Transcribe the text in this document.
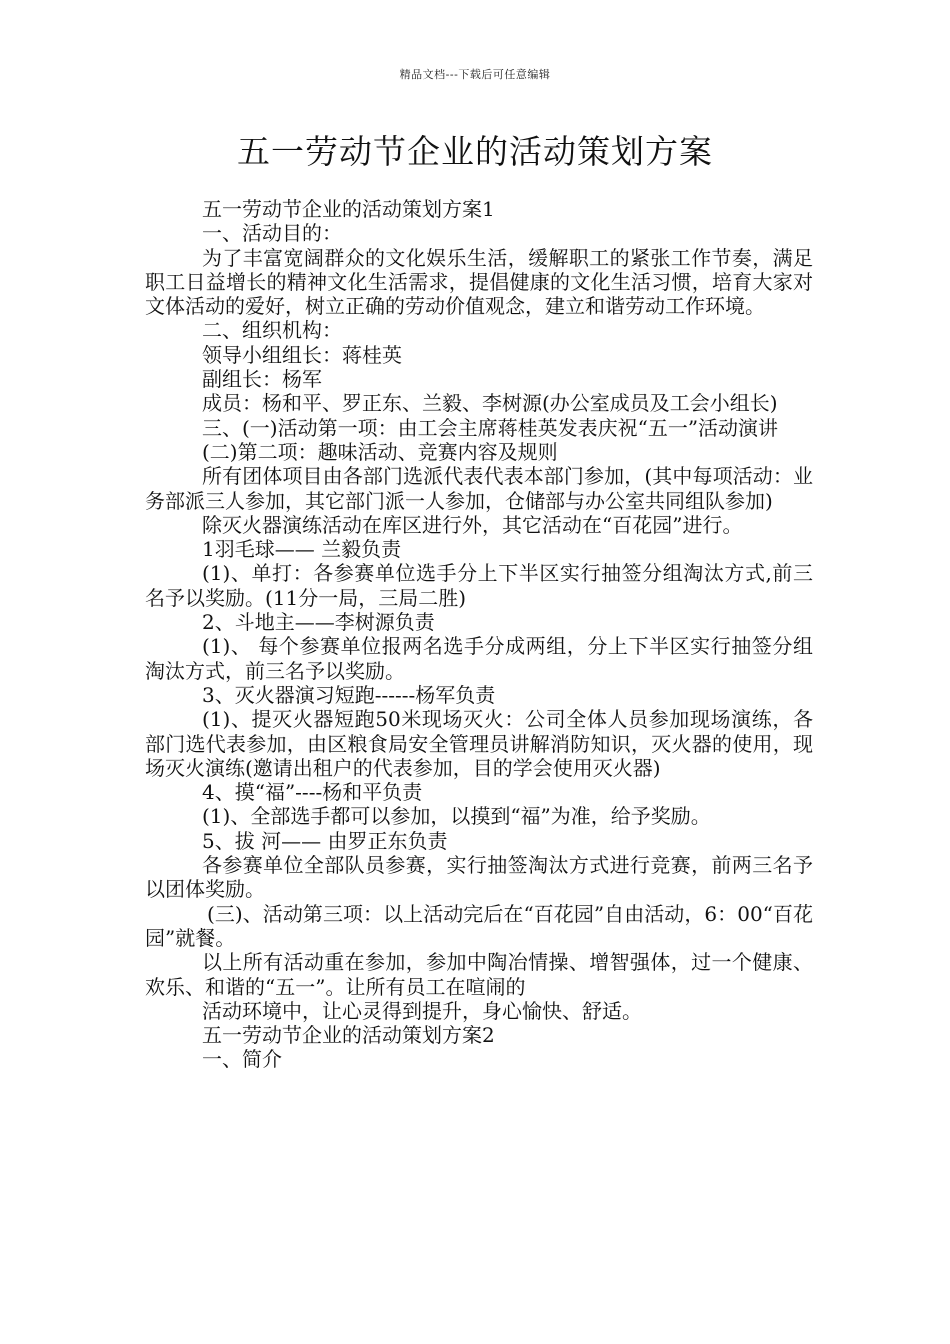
精品文档---下载后可任意编辑
五一劳动节企业的活动策划方案

五一劳动节企业的活动策划方案1

一、活动目的：

为了丰富宽阔群众的文化娱乐生活，缓解职工的紧张工作节奏，满足职工日益增长的精神文化生活需求，提倡健康的文化生活习惯，培育大家对文体活动的爱好，树立正确的劳动价值观念，建立和谐劳动工作环境。

二、组织机构：

领导小组组长：蒋桂英

副组长：杨军

成员：杨和平、罗正东、兰毅、李树源(办公室成员及工会小组长)

三、(一)活动第一项：由工会主席蒋桂英发表庆祝“五一”活动演讲

(二)第二项：趣味活动、竞赛内容及规则

所有团体项目由各部门选派代表代表本部门参加，(其中每项活动：业务部派三人参加，其它部门派一人参加，仓储部与办公室共同组队参加)

除灭火器演练活动在库区进行外，其它活动在“百花园”进行。

1羽毛球—— 兰毅负责

(1)、单打：各参赛单位选手分上下半区实行抽签分组淘汰方式,前三名予以奖励。(11分一局，三局二胜)

2、斗地主——李树源负责

(1)、 每个参赛单位报两名选手分成两组，分上下半区实行抽签分组淘汰方式，前三名予以奖励。

3、灭火器演习短跑------杨军负责

(1)、提灭火器短跑50米现场灭火：公司全体人员参加现场演练，各部门选代表参加，由区粮食局安全管理员讲解消防知识，灭火器的使用，现场灭火演练(邀请出租户的代表参加，目的学会使用灭火器)

4、摸“福”----杨和平负责

(1)、全部选手都可以参加，以摸到“福”为准，给予奖励。

5、拔 河—— 由罗正东负责

各参赛单位全部队员参赛，实行抽签淘汰方式进行竞赛，前两三名予以团体奖励。

(三)、活动第三项：以上活动完后在“百花园”自由活动，6：00“百花园”就餐。

以上所有活动重在参加，参加中陶冶情操、增智强体，过一个健康、欢乐、和谐的“五一”。让所有员工在喧闹的

活动环境中，让心灵得到提升，身心愉快、舒适。

五一劳动节企业的活动策划方案2

一、简介
